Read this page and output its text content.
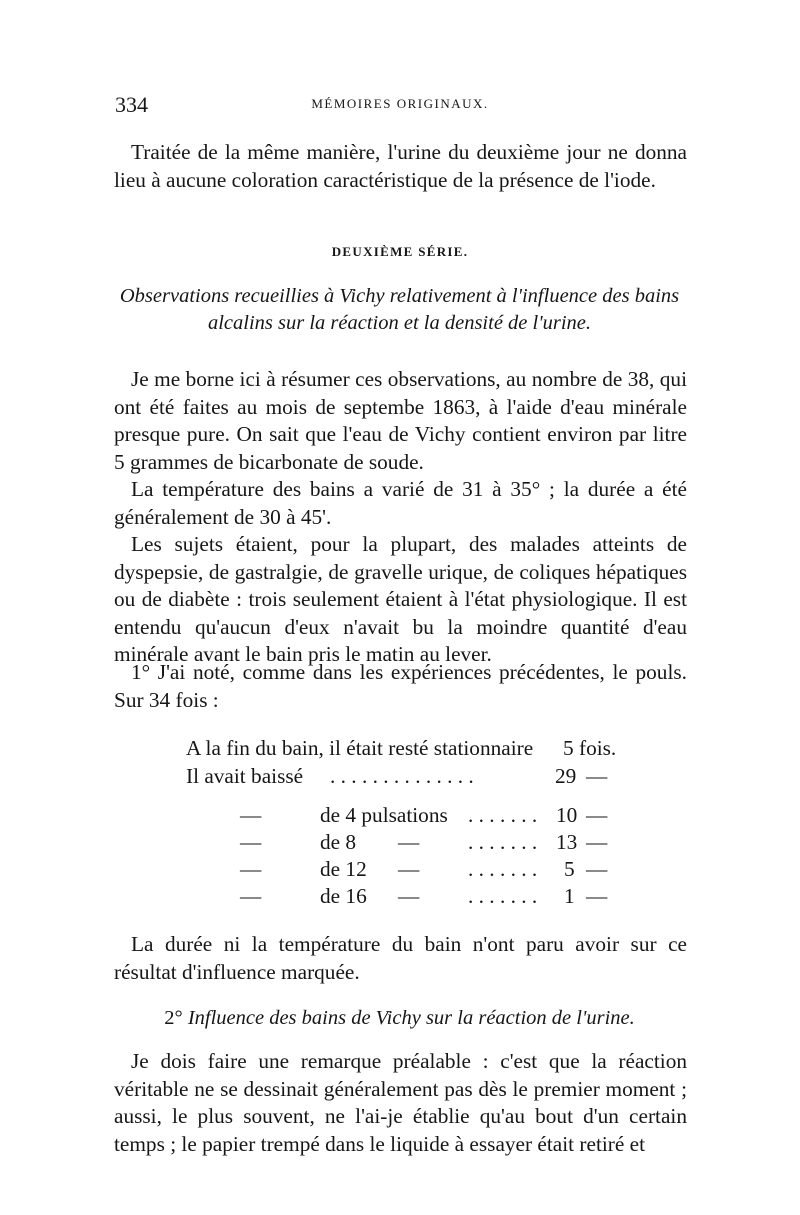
334	MÉMOIRES ORIGINAUX.

Traitée de la même manière, l'urine du deuxième jour ne donna lieu à aucune coloration caractéristique de la présence de l'iode.

DEUXIÈME SÉRIE.

Observations recueillies à Vichy relativement à l'influence des bains alcalins sur la réaction et la densité de l'urine.

Je me borne ici à résumer ces observations, au nombre de 38, qui ont été faites au mois de septembe 1863, à l'aide d'eau minérale presque pure. On sait que l'eau de Vichy contient environ par litre 5 grammes de bicarbonate de soude.

La température des bains a varié de 31 à 35° ; la durée a été généralement de 30 à 45'.

Les sujets étaient, pour la plupart, des malades atteints de dyspepsie, de gastralgie, de gravelle urique, de coliques hépatiques ou de diabète : trois seulement étaient à l'état physiologique. Il est entendu qu'aucun d'eux n'avait bu la moindre quantité d'eau minérale avant le bain pris le matin au lever.

1° J'ai noté, comme dans les expériences précédentes, le pouls. Sur 34 fois :

A la fin du bain, il était resté stationnaire 5 fois.
Il avait baissé . . . . . . . . . . . . . .	29 —
—	de 4 pulsations . . . . . . . 10 —
—	de 8 — . . . . . . . 13 —
—	de 12 — . . . . . . . 5 —
—	de 16 — . . . . . . . 1 —

La durée ni la température du bain n'ont paru avoir sur ce résultat d'influence marquée.

2° Influence des bains de Vichy sur la réaction de l'urine.

Je dois faire une remarque préalable : c'est que la réaction véritable ne se dessinait généralement pas dès le premier moment ; aussi, le plus souvent, ne l'ai-je établie qu'au bout d'un certain temps ; le papier trempé dans le liquide à essayer était retiré et
